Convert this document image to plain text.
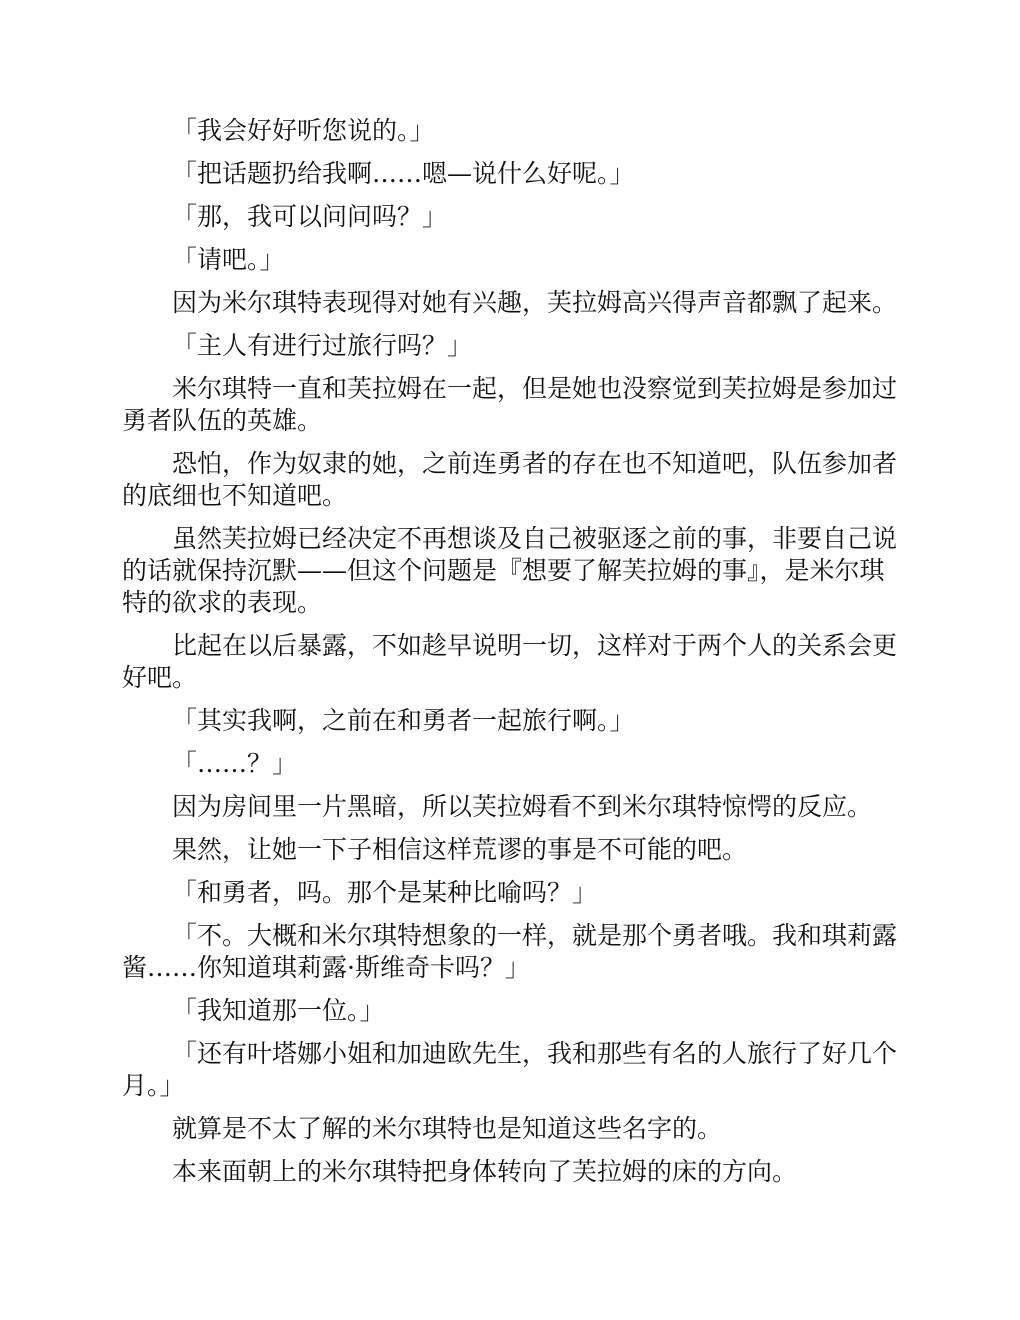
「我会好好听您说的。」

「把话题扔给我啊……嗯—说什么好呢。」

「那，我可以问问吗？」

「请吧。」

因为米尔琪特表现得对她有兴趣，芙拉姆高兴得声音都飘了起来。

「主人有进行过旅行吗？」

米尔琪特一直和芙拉姆在一起，但是她也没察觉到芙拉姆是参加过勇者队伍的英雄。

恐怕，作为奴隶的她，之前连勇者的存在也不知道吧，队伍参加者的底细也不知道吧。

虽然芙拉姆已经决定不再想谈及自己被驱逐之前的事，非要自己说的话就保持沉默——但这个问题是『想要了解芙拉姆的事』，是米尔琪特的欲求的表现。

比起在以后暴露，不如趁早说明一切，这样对于两个人的关系会更好吧。

「其实我啊，之前在和勇者一起旅行啊。」

「……？」

因为房间里一片黑暗，所以芙拉姆看不到米尔琪特惊愕的反应。

果然，让她一下子相信这样荒谬的事是不可能的吧。

「和勇者，吗。那个是某种比喻吗？」

「不。大概和米尔琪特想象的一样，就是那个勇者哦。我和琪莉露酱……你知道琪莉露·斯维奇卡吗？」

「我知道那一位。」

「还有叶塔娜小姐和加迪欧先生，我和那些有名的人旅行了好几个月。」

就算是不太了解的米尔琪特也是知道这些名字的。

本来面朝上的米尔琪特把身体转向了芙拉姆的床的方向。
